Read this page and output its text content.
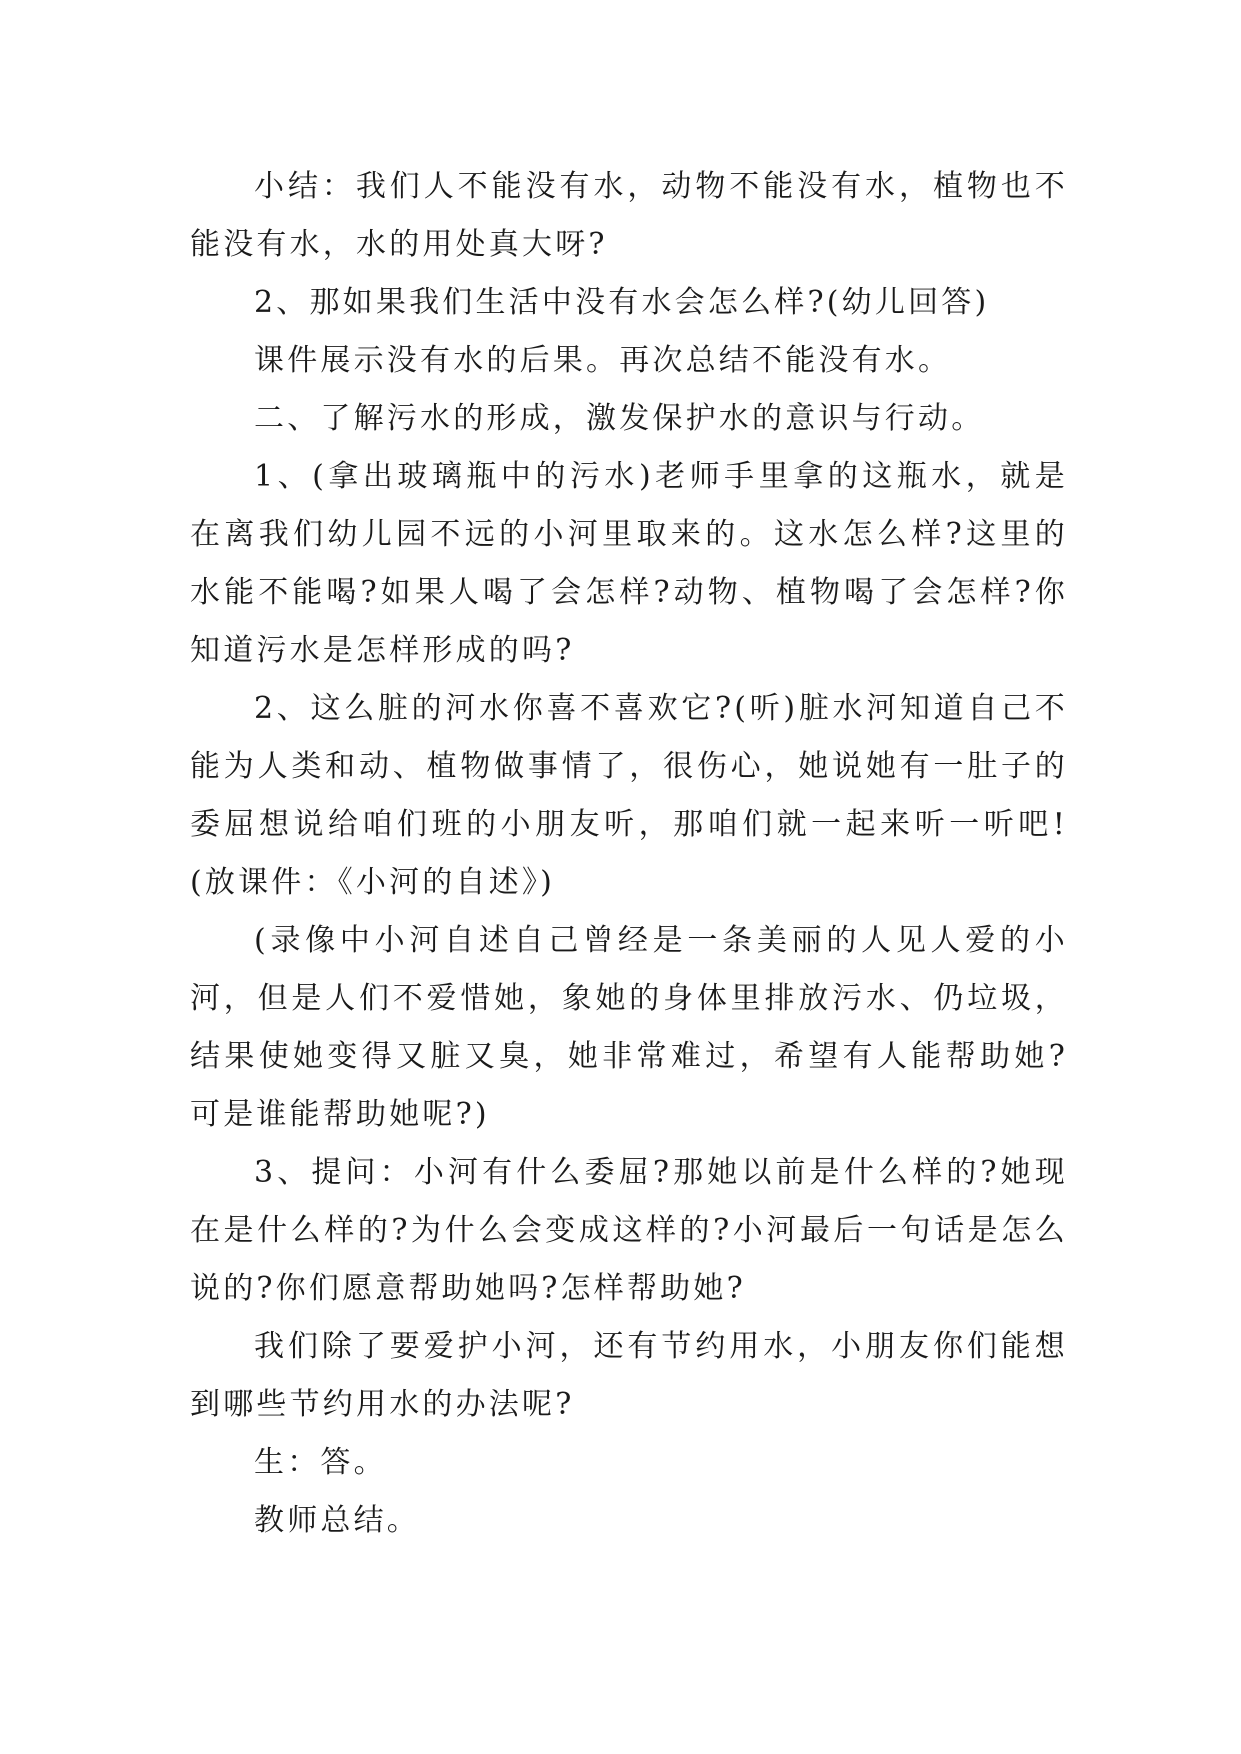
小结：我们人不能没有水，动物不能没有水，植物也不能没有水，水的用处真大呀?

2、那如果我们生活中没有水会怎么样?(幼儿回答)

课件展示没有水的后果。再次总结不能没有水。

二、了解污水的形成，激发保护水的意识与行动。

1、(拿出玻璃瓶中的污水)老师手里拿的这瓶水，就是在离我们幼儿园不远的小河里取来的。这水怎么样?这里的水能不能喝?如果人喝了会怎样?动物、植物喝了会怎样?你知道污水是怎样形成的吗?

2、这么脏的河水你喜不喜欢它?(听)脏水河知道自己不能为人类和动、植物做事情了，很伤心，她说她有一肚子的委屈想说给咱们班的小朋友听，那咱们就一起来听一听吧!(放课件：《小河的自述》)

(录像中小河自述自己曾经是一条美丽的人见人爱的小河，但是人们不爱惜她，象她的身体里排放污水、仍垃圾，结果使她变得又脏又臭，她非常难过，希望有人能帮助她?可是谁能帮助她呢?)

3、提问：小河有什么委屈?那她以前是什么样的?她现在是什么样的?为什么会变成这样的?小河最后一句话是怎么说的?你们愿意帮助她吗?怎样帮助她?

我们除了要爱护小河，还有节约用水，小朋友你们能想到哪些节约用水的办法呢?

生：答。

教师总结。
